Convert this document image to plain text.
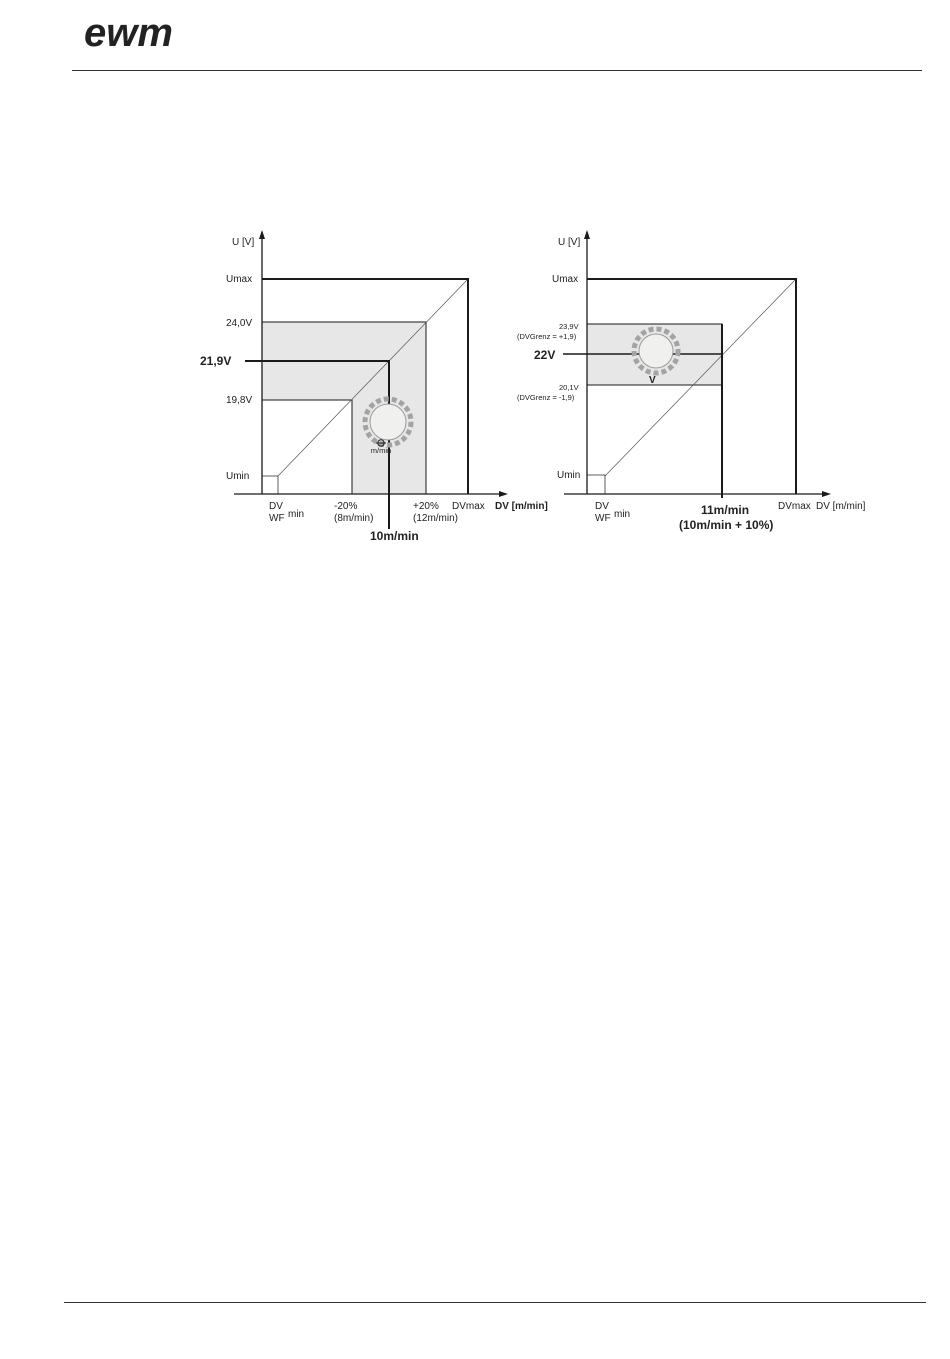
ewm
m/min
U [V]
Umax
24,0V
21,9V
19,8V
Umin
DV
WF min
-20%
(8m/min)
+20%
(12m/min)
DVmax DV [m/min]
10m/min
V
U [V]
Umax
23,9V
(DVGrenz = +1,9)
22V
20,1V
(DVGrenz = -1,9)
Umin
DV
WF min	11m/min
(10m/min + 10%)
DVmax DV [m/min]
